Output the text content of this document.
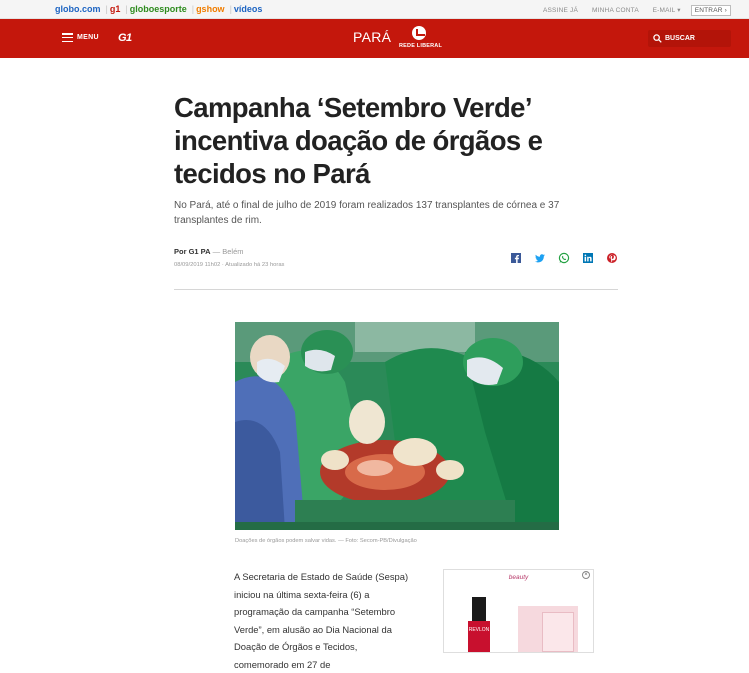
globo.com | g1 | globoesporte | gshow | vídeos	ASSINE JÁ MINHA CONTA E-MAIL ▾ ENTRAR ›
MENU G1	PARÁ
REDE LIBERAL
BUSCAR
Campanha ‘Setembro Verde’ incentiva doação de órgãos e tecidos no Pará

No Pará, até o final de julho de 2019 foram realizados 137 transplantes de córnea e 37 transplantes de rim.

Por G1 PA — Belém
08/09/2019 11h02 · Atualizado há 23 horas
Doações de órgãos podem salvar vidas. — Foto: Secom-PB/Divulgação

A Secretaria de Estado de Saúde (Sespa) iniciou na última sexta-feira (6) a programação da campanha “Setembro Verde”, em alusão ao Dia Nacional da Doação de Órgãos e Tecidos, comemorado em 27 de

×
beauty
REVLON
